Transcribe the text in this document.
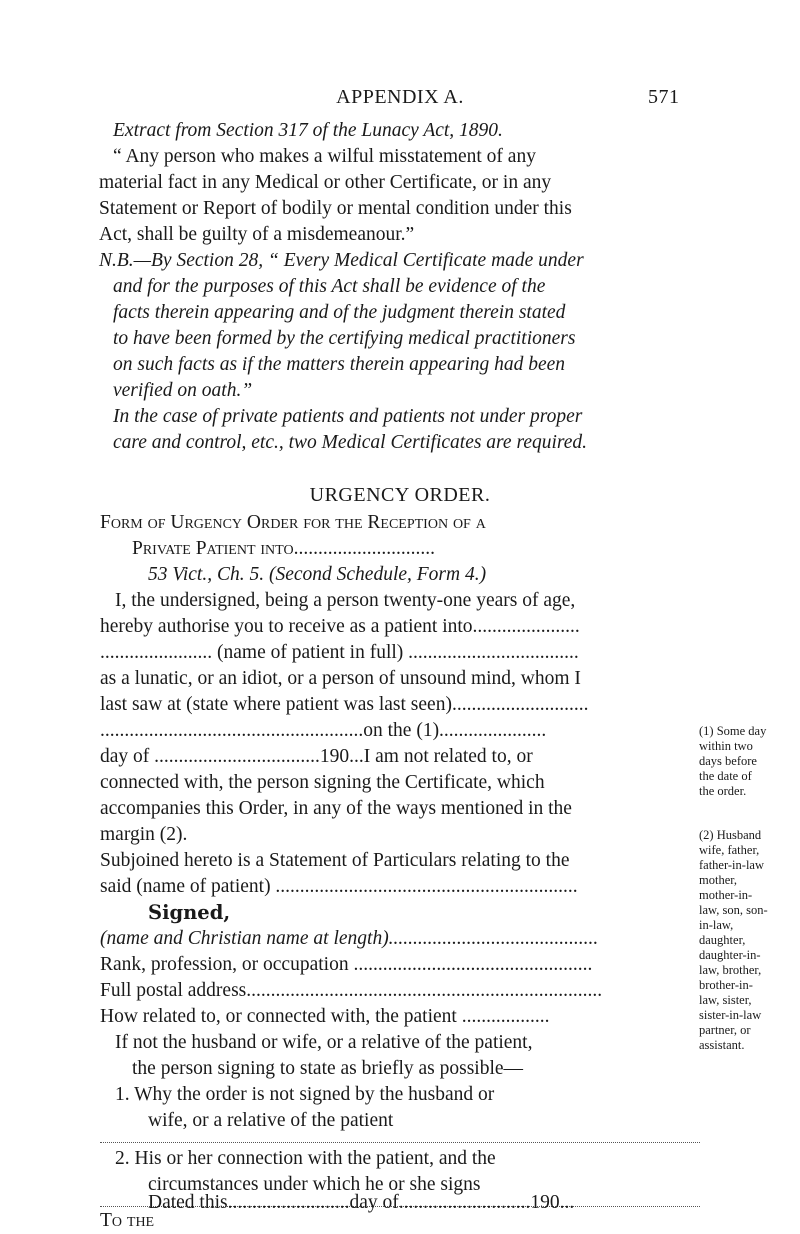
APPENDIX A.	571
Extract from Section 317 of the Lunacy Act, 1890.
“ Any person who makes a wilful misstatement of any
material fact in any Medical or other Certificate, or in any
Statement or Report of bodily or mental condition under this
Act, shall be guilty of a misdemeanour.”
N.B.—By Section 28, “ Every Medical Certificate made under
and for the purposes of this Act shall be evidence of the
facts therein appearing and of the judgment therein stated
to have been formed by the certifying medical practitioners
on such facts as if the matters therein appearing had been
verified on oath.”
In the case of private patients and patients not under proper
care and control, etc., two Medical Certificates are required.
URGENCY ORDER.
Form of Urgency Order for the Reception of a
Private Patient into.............................
53 Vict., Ch. 5. (Second Schedule, Form 4.)
I, the undersigned, being a person twenty-one years of age,
hereby authorise you to receive as a patient into......................
....................... (name of patient in full) ...................................
as a lunatic, or an idiot, or a person of unsound mind, whom I
last saw at (state where patient was last seen)............................
......................................................on the (1)......................
day of ..................................190...I am not related to, or
connected with, the person signing the Certificate, which
accompanies this Order, in any of the ways mentioned in the
margin (2).
Subjoined hereto is a Statement of Particulars relating to the
said (name of patient) ..............................................................
Signed,
(name and Christian name at length)...........................................
Rank, profession, or occupation .................................................
Full postal address.........................................................................
How related to, or connected with, the patient ..................
If not the husband or wife, or a relative of the patient,
the person signing to state as briefly as possible—
1. Why the order is not signed by the husband or
wife, or a relative of the patient
2. His or her connection with the patient, and the
circumstances under which he or she signs
Dated this.........................day of...........................190...
To the
(1) Some day
within two
days before
the date of
the order.
(2) Husband
wife, father,
father-in-law
mother,
mother-in-
law, son, son-
in-law,
daughter,
daughter-in-
law, brother,
brother-in-
law, sister,
sister-in-law
partner, or
assistant.
